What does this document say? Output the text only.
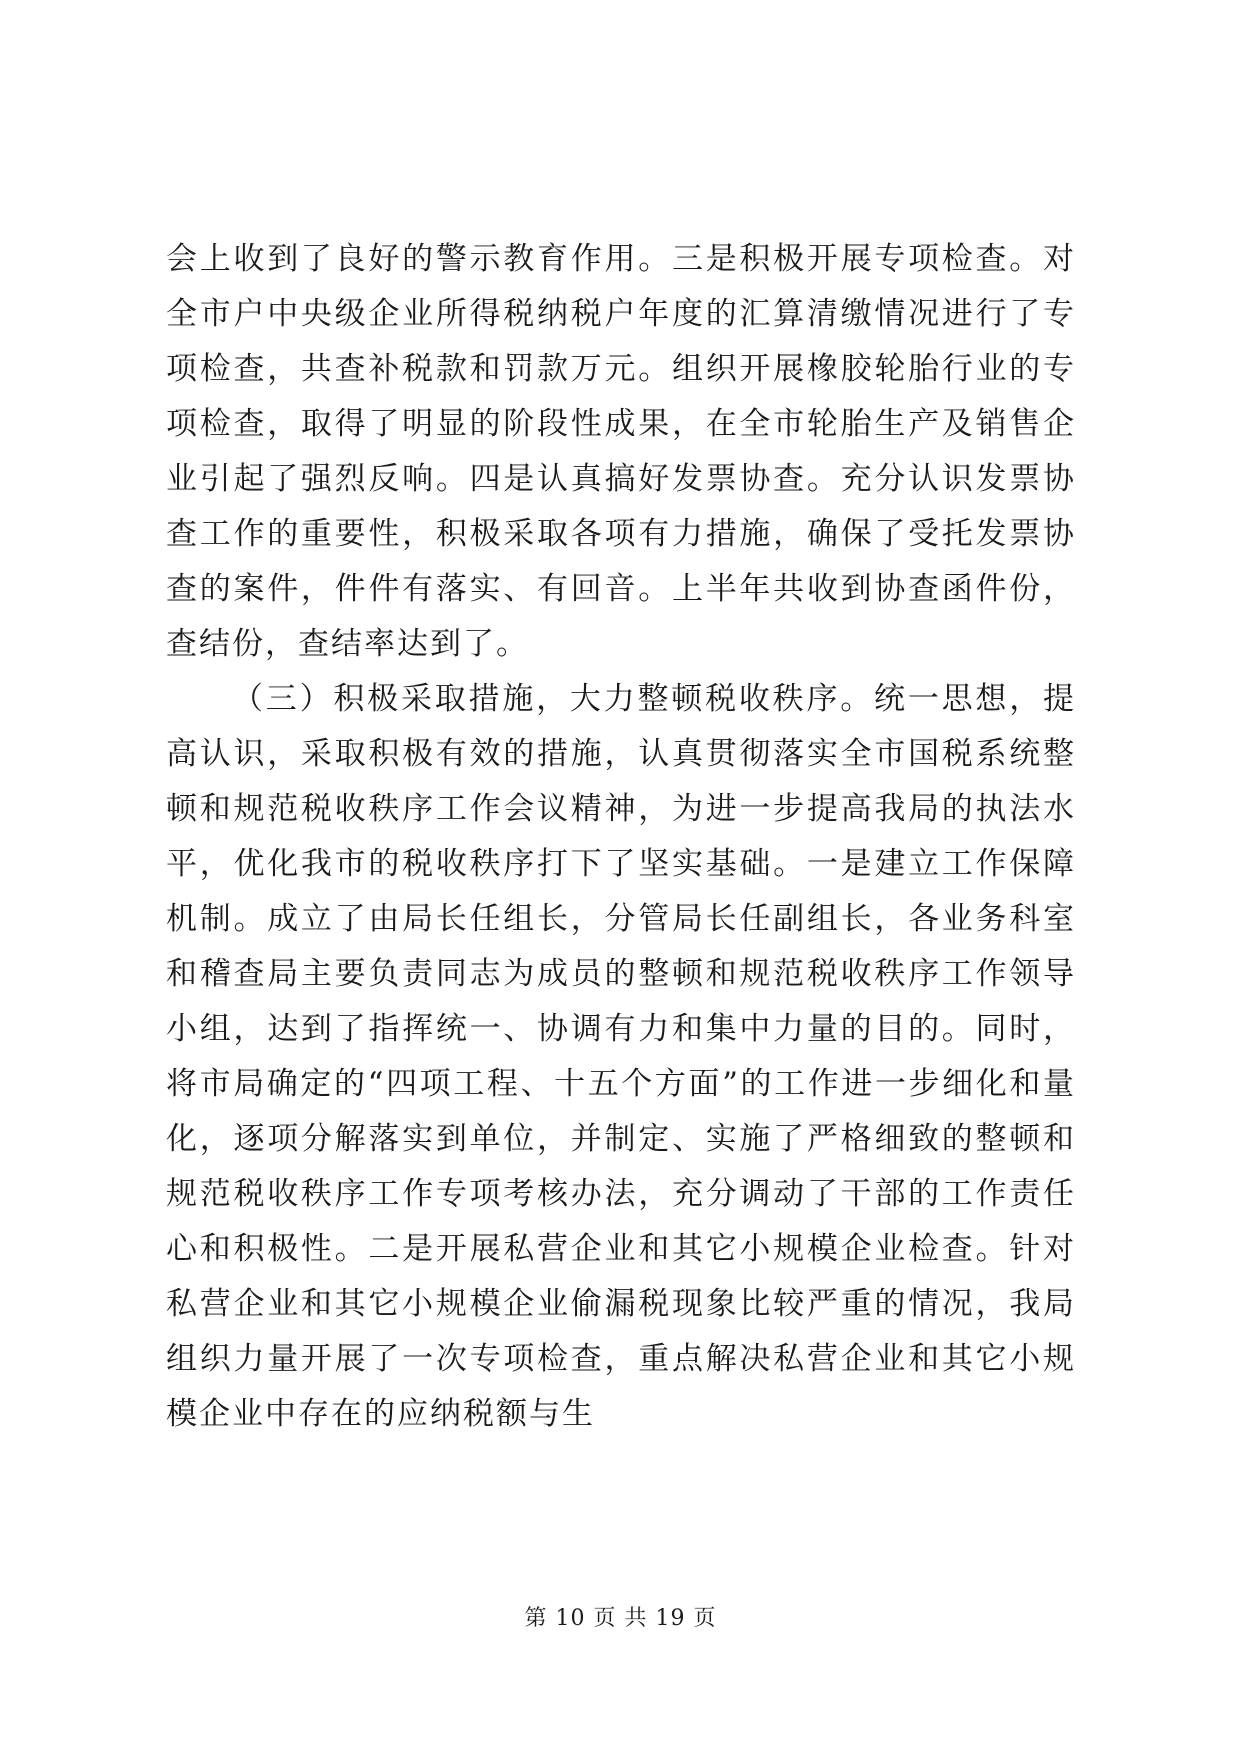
会上收到了良好的警示教育作用。三是积极开展专项检查。对全市户中央级企业所得税纳税户年度的汇算清缴情况进行了专项检查，共查补税款和罚款万元。组织开展橡胶轮胎行业的专项检查，取得了明显的阶段性成果，在全市轮胎生产及销售企业引起了强烈反响。四是认真搞好发票协查。充分认识发票协查工作的重要性，积极采取各项有力措施，确保了受托发票协查的案件，件件有落实、有回音。上半年共收到协查函件份，查结份，查结率达到了。

（三）积极采取措施，大力整顿税收秩序。统一思想，提高认识，采取积极有效的措施，认真贯彻落实全市国税系统整顿和规范税收秩序工作会议精神，为进一步提高我局的执法水平，优化我市的税收秩序打下了坚实基础。一是建立工作保障机制。成立了由局长任组长，分管局长任副组长，各业务科室和稽查局主要负责同志为成员的整顿和规范税收秩序工作领导小组，达到了指挥统一、协调有力和集中力量的目的。同时，将市局确定的“四项工程、十五个方面”的工作进一步细化和量化，逐项分解落实到单位，并制定、实施了严格细致的整顿和规范税收秩序工作专项考核办法，充分调动了干部的工作责任心和积极性。二是开展私营企业和其它小规模企业检查。针对私营企业和其它小规模企业偷漏税现象比较严重的情况，我局组织力量开展了一次专项检查，重点解决私营企业和其它小规模企业中存在的应纳税额与生

第 10 页 共 19 页
